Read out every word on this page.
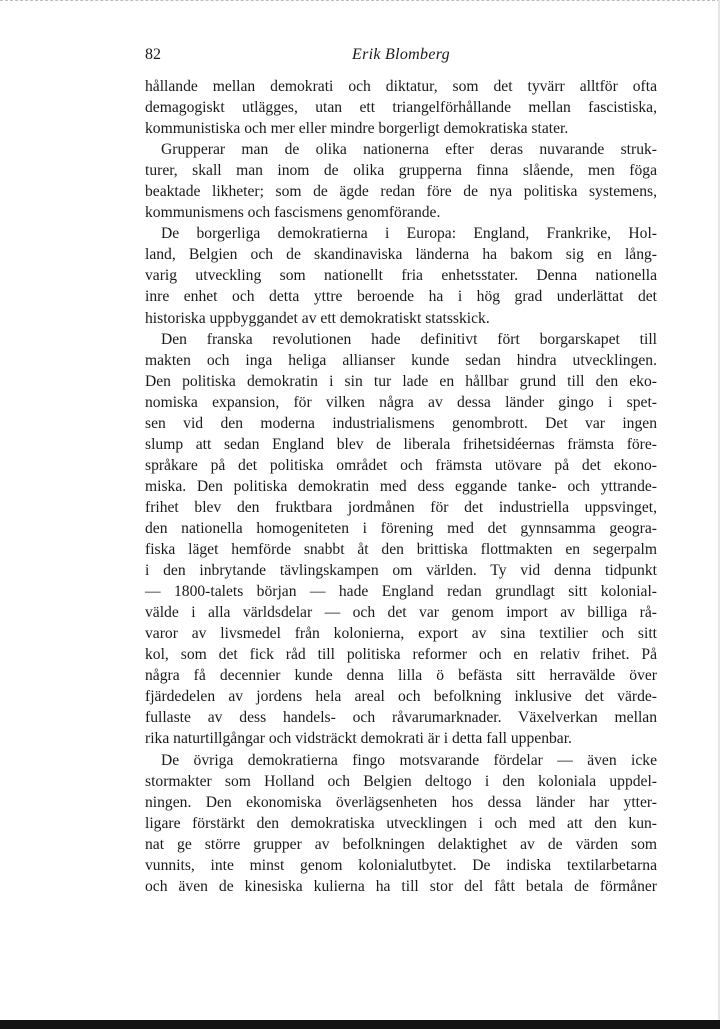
82	Erik Blomberg
hållande mellan demokrati och diktatur, som det tyvärr alltför ofta
demagogiskt utlägges, utan ett triangelförhållande mellan fascistiska,
kommunistiska och mer eller mindre borgerligt demokratiska stater.
Grupperar man de olika nationerna efter deras nuvarande struk-
turer, skall man inom de olika grupperna finna slående, men föga
beaktade likheter; som de ägde redan före de nya politiska systemens,
kommunismens och fascismens genomförande.
De borgerliga demokratierna i Europa: England, Frankrike, Hol-
land, Belgien och de skandinaviska länderna ha bakom sig en lång-
varig utveckling som nationellt fria enhetsstater. Denna nationella
inre enhet och detta yttre beroende ha i hög grad underlättat det
historiska uppbyggandet av ett demokratiskt statsskick.
Den franska revolutionen hade definitivt fört borgarskapet till
makten och inga heliga allianser kunde sedan hindra utvecklingen.
Den politiska demokratin i sin tur lade en hållbar grund till den eko-
nomiska expansion, för vilken några av dessa länder gingo i spet-
sen vid den moderna industrialismens genombrott. Det var ingen
slump att sedan England blev de liberala frihetsidéernas främsta före-
språkare på det politiska området och främsta utövare på det ekono-
miska. Den politiska demokratin med dess eggande tanke- och yttrande-
frihet blev den fruktbara jordmånen för det industriella uppsvinget,
den nationella homogeniteten i förening med det gynnsamma geogra-
fiska läget hemförde snabbt åt den brittiska flottmakten en segerpalm
i den inbrytande tävlingskampen om världen. Ty vid denna tidpunkt
— 1800-talets början — hade England redan grundlagt sitt kolonial-
välde i alla världsdelar — och det var genom import av billiga rå-
varor av livsmedel från kolonierna, export av sina textilier och sitt
kol, som det fick råd till politiska reformer och en relativ frihet. På
några få decennier kunde denna lilla ö befästa sitt herravälde över
fjärdedelen av jordens hela areal och befolkning inklusive det värde-
fullaste av dess handels- och råvarumarknader. Växelverkan mellan
rika naturtillgångar och vidsträckt demokrati är i detta fall uppenbar.
De övriga demokratierna fingo motsvarande fördelar — även icke
stormakter som Holland och Belgien deltogo i den koloniala uppdel-
ningen. Den ekonomiska överlägsenheten hos dessa länder har ytter-
ligare förstärkt den demokratiska utvecklingen i och med att den kun-
nat ge större grupper av befolkningen delaktighet av de värden som
vunnits, inte minst genom kolonialutbytet. De indiska textilarbetarna
och även de kinesiska kulierna ha till stor del fått betala de förmåner
